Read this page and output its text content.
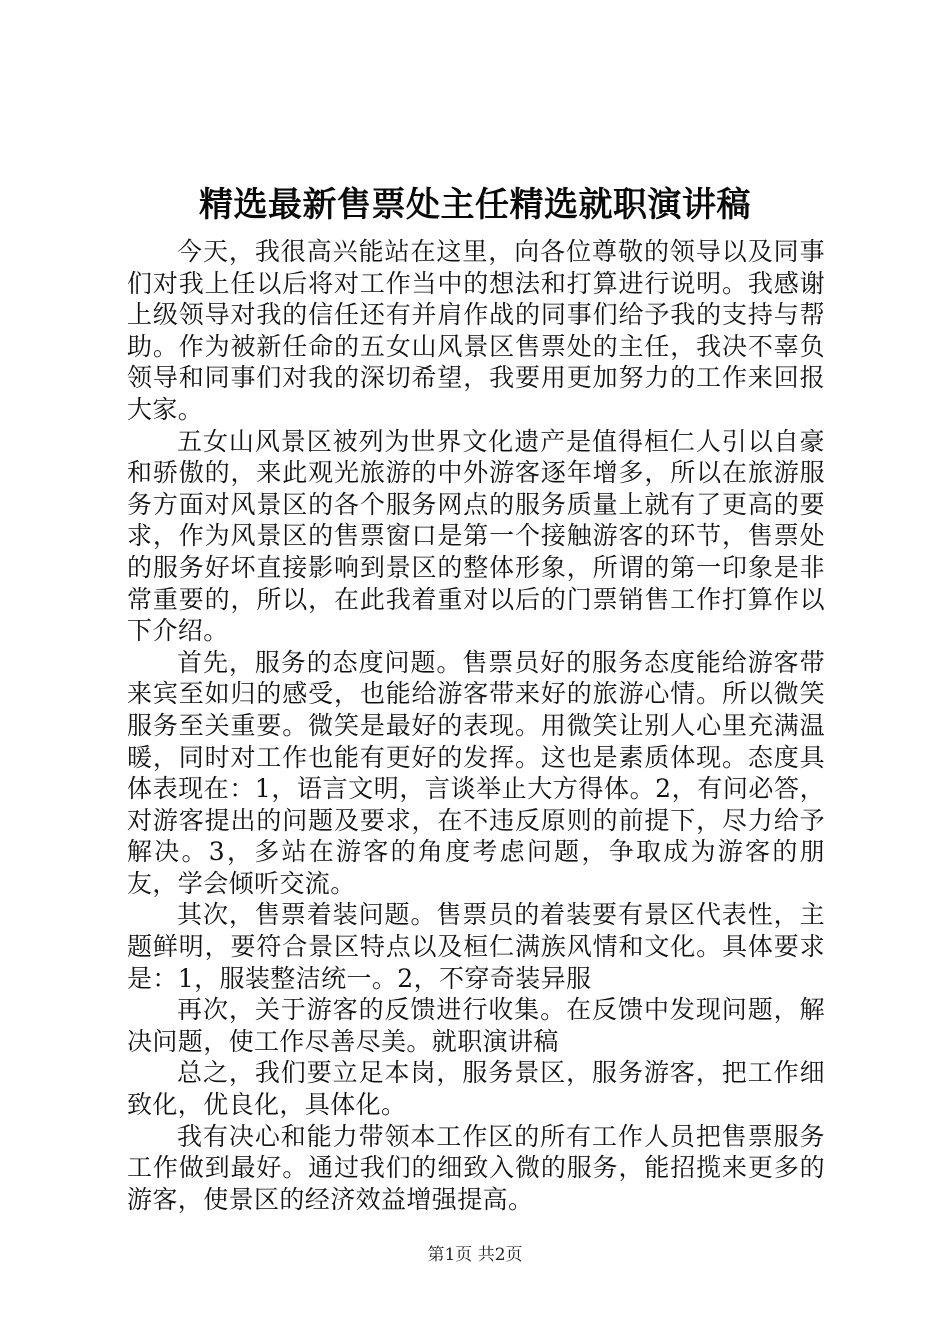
精选最新售票处主任精选就职演讲稿

今天，我很高兴能站在这里，向各位尊敬的领导以及同事们对我上任以后将对工作当中的想法和打算进行说明。我感谢上级领导对我的信任还有并肩作战的同事们给予我的支持与帮助。作为被新任命的五女山风景区售票处的主任，我决不辜负领导和同事们对我的深切希望，我要用更加努力的工作来回报大家。

五女山风景区被列为世界文化遗产是值得桓仁人引以自豪和骄傲的，来此观光旅游的中外游客逐年增多，所以在旅游服务方面对风景区的各个服务网点的服务质量上就有了更高的要求，作为风景区的售票窗口是第一个接触游客的环节，售票处的服务好坏直接影响到景区的整体形象，所谓的第一印象是非常重要的，所以，在此我着重对以后的门票销售工作打算作以下介绍。

首先，服务的态度问题。售票员好的服务态度能给游客带来宾至如归的感受，也能给游客带来好的旅游心情。所以微笑服务至关重要。微笑是最好的表现。用微笑让别人心里充满温暖，同时对工作也能有更好的发挥。这也是素质体现。态度具体表现在：1，语言文明，言谈举止大方得体。2，有问必答，对游客提出的问题及要求，在不违反原则的前提下，尽力给予解决。3，多站在游客的角度考虑问题，争取成为游客的朋友，学会倾听交流。

其次，售票着装问题。售票员的着装要有景区代表性，主题鲜明，要符合景区特点以及桓仁满族风情和文化。具体要求是：1，服装整洁统一。2，不穿奇装异服

再次，关于游客的反馈进行收集。在反馈中发现问题，解决问题，使工作尽善尽美。就职演讲稿

总之，我们要立足本岗，服务景区，服务游客，把工作细致化，优良化，具体化。

我有决心和能力带领本工作区的所有工作人员把售票服务工作做到最好。通过我们的细致入微的服务，能招揽来更多的游客，使景区的经济效益增强提高。

第1页 共2页
